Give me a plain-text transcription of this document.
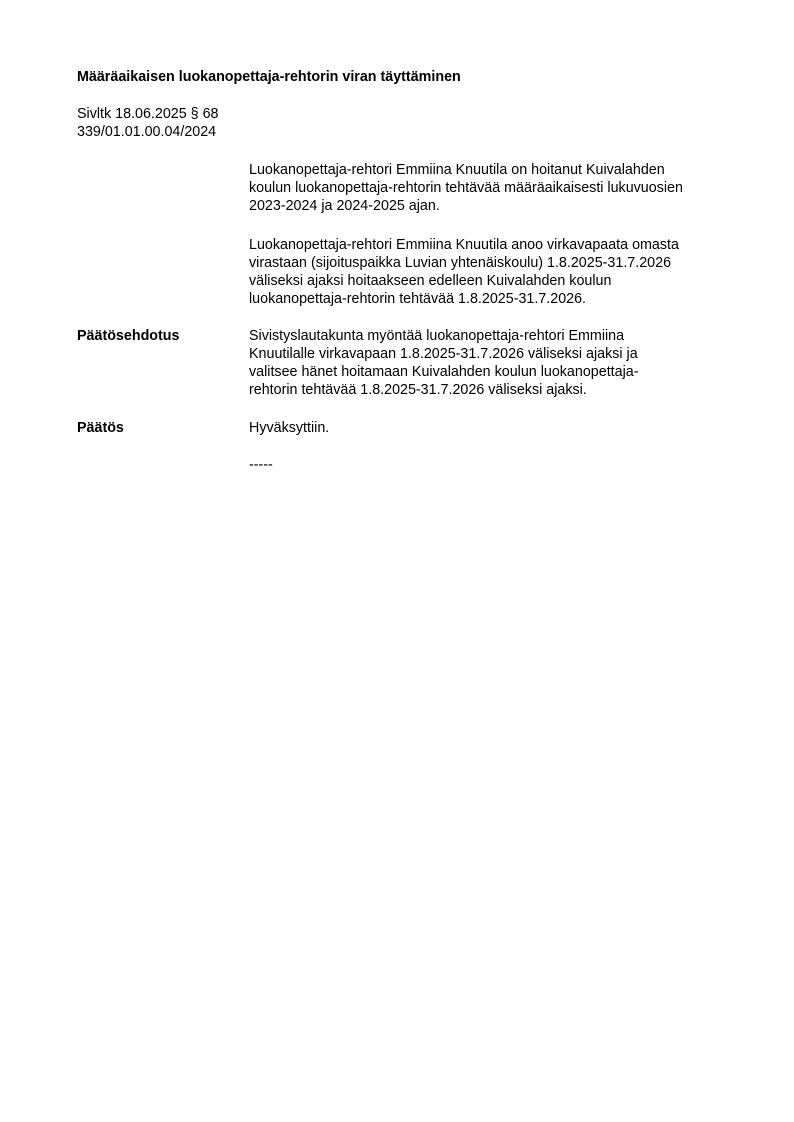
Määräaikaisen luokanopettaja-rehtorin viran täyttäminen
Sivltk 18.06.2025 § 68
339/01.01.00.04/2024
Luokanopettaja-rehtori Emmiina Knuutila on hoitanut Kuivalahden
koulun luokanopettaja-rehtorin tehtävää määräaikaisesti lukuvuosien
2023-2024 ja 2024-2025 ajan.
Luokanopettaja-rehtori Emmiina Knuutila anoo virkavapaata omasta
virastaan (sijoituspaikka Luvian yhtenäiskoulu) 1.8.2025-31.7.2026
väliseksi ajaksi hoitaakseen edelleen Kuivalahden koulun
luokanopettaja-rehtorin tehtävää 1.8.2025-31.7.2026.
Päätösehdotus	Sivistyslautakunta myöntää luokanopettaja-rehtori Emmiina
Knuutilalle virkavapaan 1.8.2025-31.7.2026 väliseksi ajaksi ja
valitsee hänet hoitamaan Kuivalahden koulun luokanopettaja-
rehtorin tehtävää 1.8.2025-31.7.2026 väliseksi ajaksi.
Päätös	Hyväksyttiin.
-----
